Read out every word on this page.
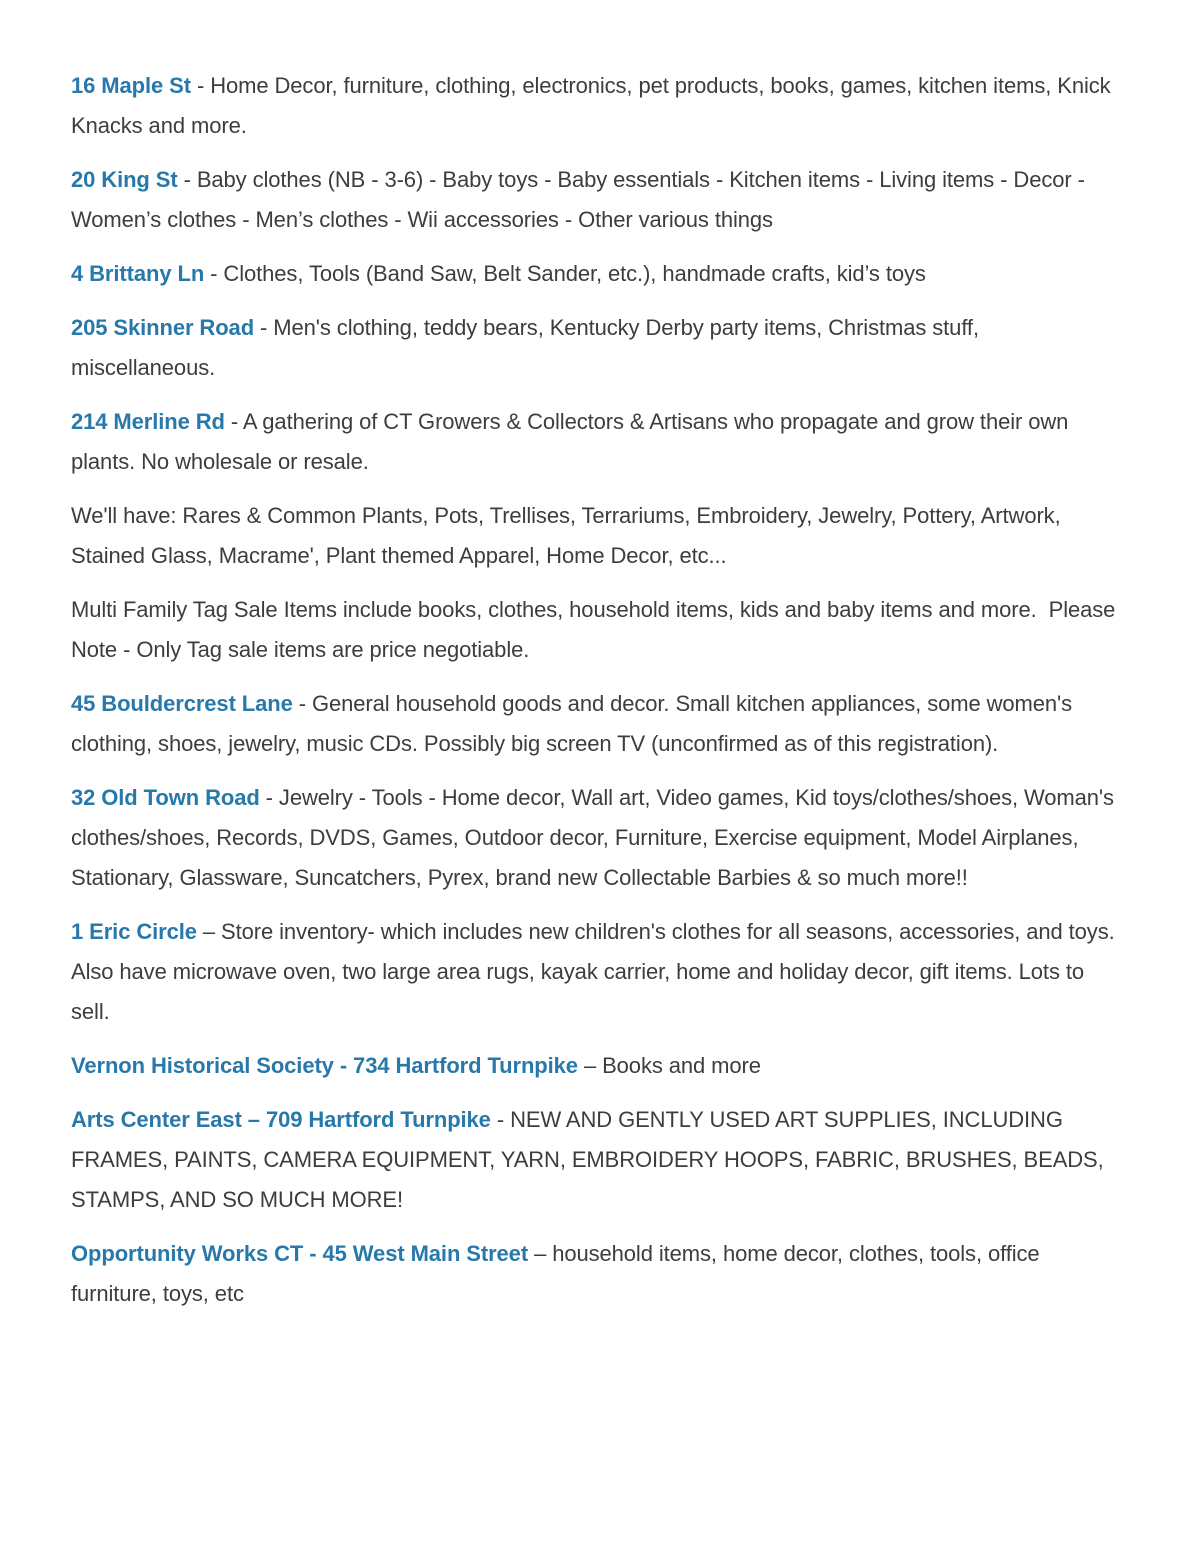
16 Maple St - Home Decor, furniture, clothing, electronics, pet products, books, games, kitchen items, Knick Knacks and more.

20 King St - Baby clothes (NB - 3-6) - Baby toys - Baby essentials - Kitchen items - Living items - Decor - Women’s clothes - Men’s clothes - Wii accessories - Other various things

4 Brittany Ln - Clothes, Tools (Band Saw, Belt Sander, etc.), handmade crafts, kid’s toys

205 Skinner Road - Men's clothing, teddy bears, Kentucky Derby party items, Christmas stuff, miscellaneous.

214 Merline Rd - A gathering of CT Growers & Collectors & Artisans who propagate and grow their own plants. No wholesale or resale.

We'll have: Rares & Common Plants, Pots, Trellises, Terrariums, Embroidery, Jewelry, Pottery, Artwork, Stained Glass, Macrame', Plant themed Apparel, Home Decor, etc...

Multi Family Tag Sale Items include books, clothes, household items, kids and baby items and more.  Please Note - Only Tag sale items are price negotiable.

45 Bouldercrest Lane - General household goods and decor. Small kitchen appliances, some women's clothing, shoes, jewelry, music CDs. Possibly big screen TV (unconfirmed as of this registration).

32 Old Town Road - Jewelry - Tools - Home decor, Wall art, Video games, Kid toys/clothes/shoes, Woman's clothes/shoes, Records, DVDS, Games, Outdoor decor, Furniture, Exercise equipment, Model Airplanes, Stationary, Glassware, Suncatchers, Pyrex, brand new Collectable Barbies & so much more!!

1 Eric Circle – Store inventory- which includes new children's clothes for all seasons, accessories, and toys. Also have microwave oven, two large area rugs, kayak carrier, home and holiday decor, gift items. Lots to sell.

Vernon Historical Society - 734 Hartford Turnpike – Books and more

Arts Center East – 709 Hartford Turnpike - NEW AND GENTLY USED ART SUPPLIES, INCLUDING FRAMES, PAINTS, CAMERA EQUIPMENT, YARN, EMBROIDERY HOOPS, FABRIC, BRUSHES, BEADS, STAMPS, AND SO MUCH MORE!

Opportunity Works CT - 45 West Main Street – household items, home decor, clothes, tools, office furniture, toys, etc
